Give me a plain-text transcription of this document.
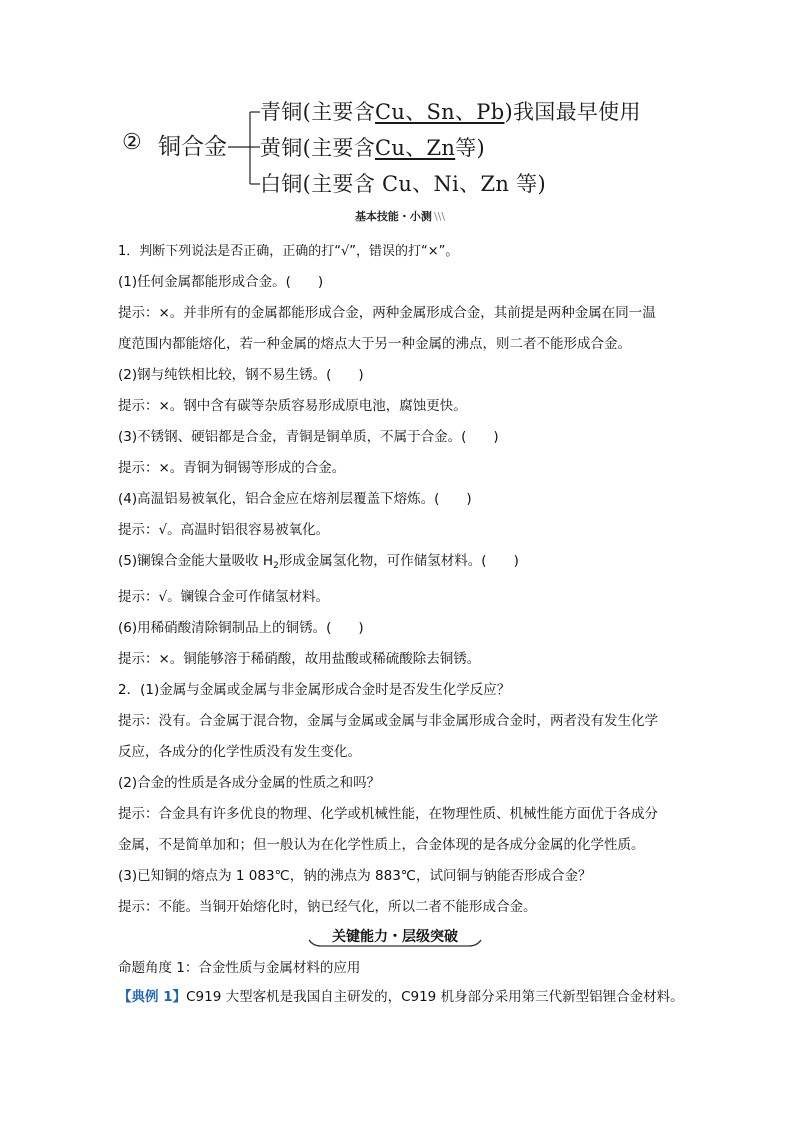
② 铜合金
青铜(主要含Cu、Sn、Pb)我国最早使用
黄铜(主要含Cu、Zn等)
白铜(主要含 Cu、Ni、Zn 等)
基本技能・小测 \\\

1．判断下列说法是否正确，正确的打“√”，错误的打“×”。

(1)任何金属都能形成合金。(　　)

提示：×。并非所有的金属都能形成合金，两种金属形成合金，其前提是两种金属在同一温

度范围内都能熔化，若一种金属的熔点大于另一种金属的沸点，则二者不能形成合金。

(2)钢与纯铁相比较，钢不易生锈。(　　)

提示：×。钢中含有碳等杂质容易形成原电池，腐蚀更快。

(3)不锈钢、硬铝都是合金，青铜是铜单质，不属于合金。(　　)

提示：×。青铜为铜锡等形成的合金。

(4)高温铝易被氧化，铝合金应在熔剂层覆盖下熔炼。(　　)

提示：√。高温时铝很容易被氧化。

(5)镧镍合金能大量吸收 $H_2$形成金属氢化物，可作储氢材料。(　　)

提示：√。镧镍合金可作储氢材料。

(6)用稀硝酸清除铜制品上的铜锈。(　　)

提示：×。铜能够溶于稀硝酸，故用盐酸或稀硫酸除去铜锈。

2．(1)金属与金属或金属与非金属形成合金时是否发生化学反应？

提示：没有。合金属于混合物，金属与金属或金属与非金属形成合金时，两者没有发生化学

反应，各成分的化学性质没有发生变化。

(2)合金的性质是各成分金属的性质之和吗？

提示：合金具有许多优良的物理、化学或机械性能，在物理性质、机械性能方面优于各成分

金属，不是简单加和；但一般认为在化学性质上，合金体现的是各成分金属的化学性质。

(3)已知铜的熔点为 1 083℃，钠的沸点为 883℃，试问铜与钠能否形成合金？

提示：不能。当铜开始熔化时，钠已经气化，所以二者不能形成合金。

关键能力・层级突破
命题角度 1：合金性质与金属材料的应用
【典例 1】C919 大型客机是我国自主研发的，C919 机身部分采用第三代新型铝锂合金材料。
